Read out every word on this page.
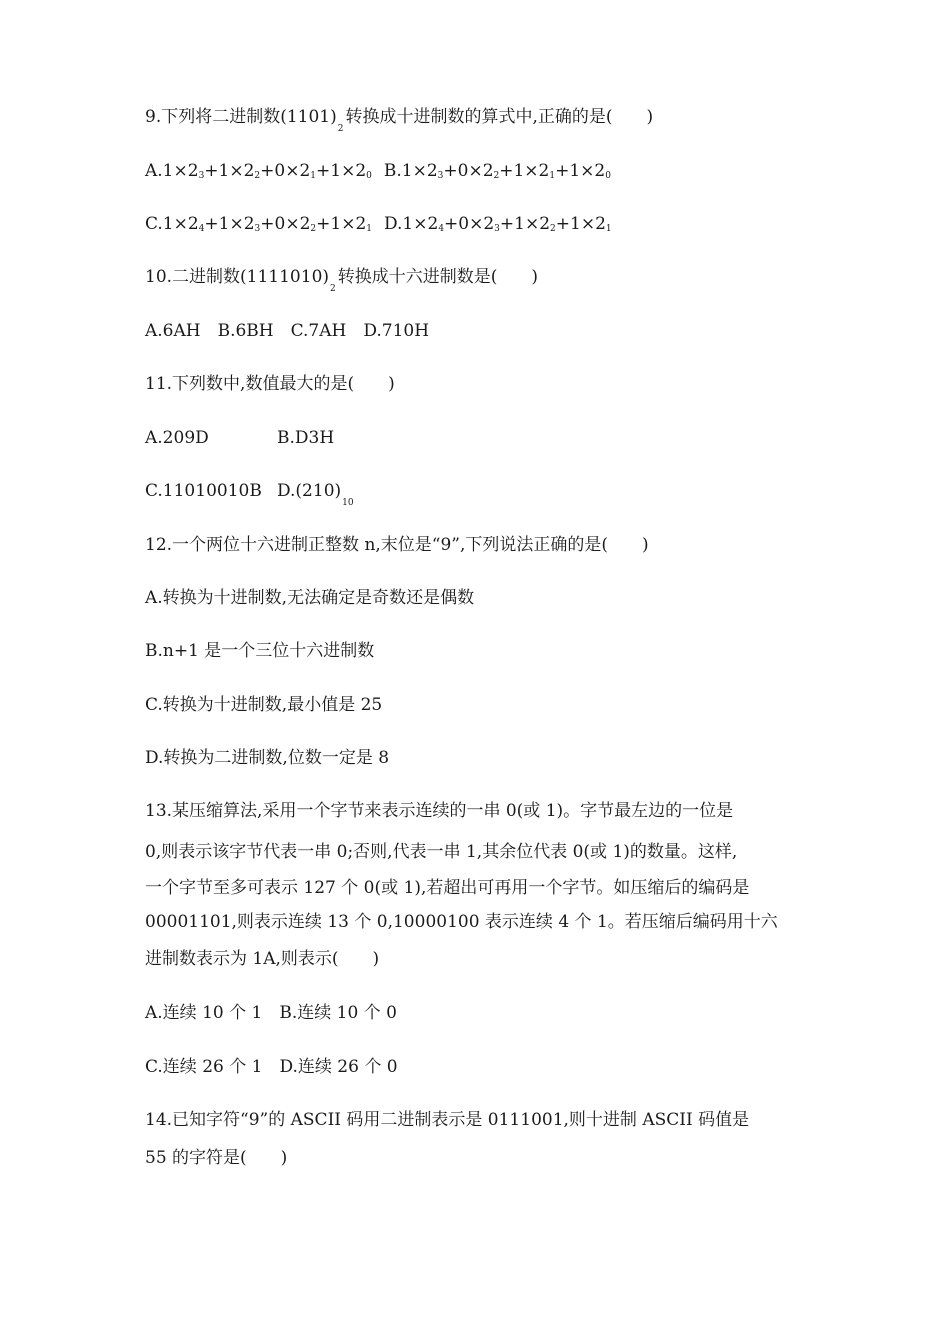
9.下列将二进制数$(1101)_2$转换成十进制数的算式中,正确的是(　　)
$A.1\times 2_3+1\times 2_2+0\times 2_1+1\times 2_0$ $B.1\times 2_3+0\times 2_2+1\times 2_1+1\times 2_0$
$C.1\times 2_4+1\times 2_3+0\times 2_2+1\times 2_1$ $D.1\times 2_4+0\times 2_3+1\times 2_2+1\times 2_1$
10.二进制数$(1111010)_2$转换成十六进制数是(　　)
A.6AH　B.6BH　C.7AH　D.710H
11.下列数中,数值最大的是(　　)
A.209D	B.D3H
C.11010010B $D.(210)_{10}$
12.一个两位十六进制正整数 n,末位是“9”,下列说法正确的是(　　)
A.转换为十进制数,无法确定是奇数还是偶数
B.n+1 是一个三位十六进制数
C.转换为十进制数,最小值是 25
D.转换为二进制数,位数一定是 8
13.某压缩算法,采用一个字节来表示连续的一串 0(或 1)。字节最左边的一位是
0,则表示该字节代表一串 0;否则,代表一串 1,其余位代表 0(或 1)的数量。这样,
一个字节至多可表示 127 个 0(或 1),若超出可再用一个字节。如压缩后的编码是
00001101,则表示连续 13 个 0,10000100 表示连续 4 个 1。若压缩后编码用十六
进制数表示为 1A,则表示(　　)
A.连续 10 个 1　B.连续 10 个 0
C.连续 26 个 1　D.连续 26 个 0
14.已知字符“9”的 ASCII 码用二进制表示是 0111001,则十进制 ASCII 码值是
55 的字符是(　　)
